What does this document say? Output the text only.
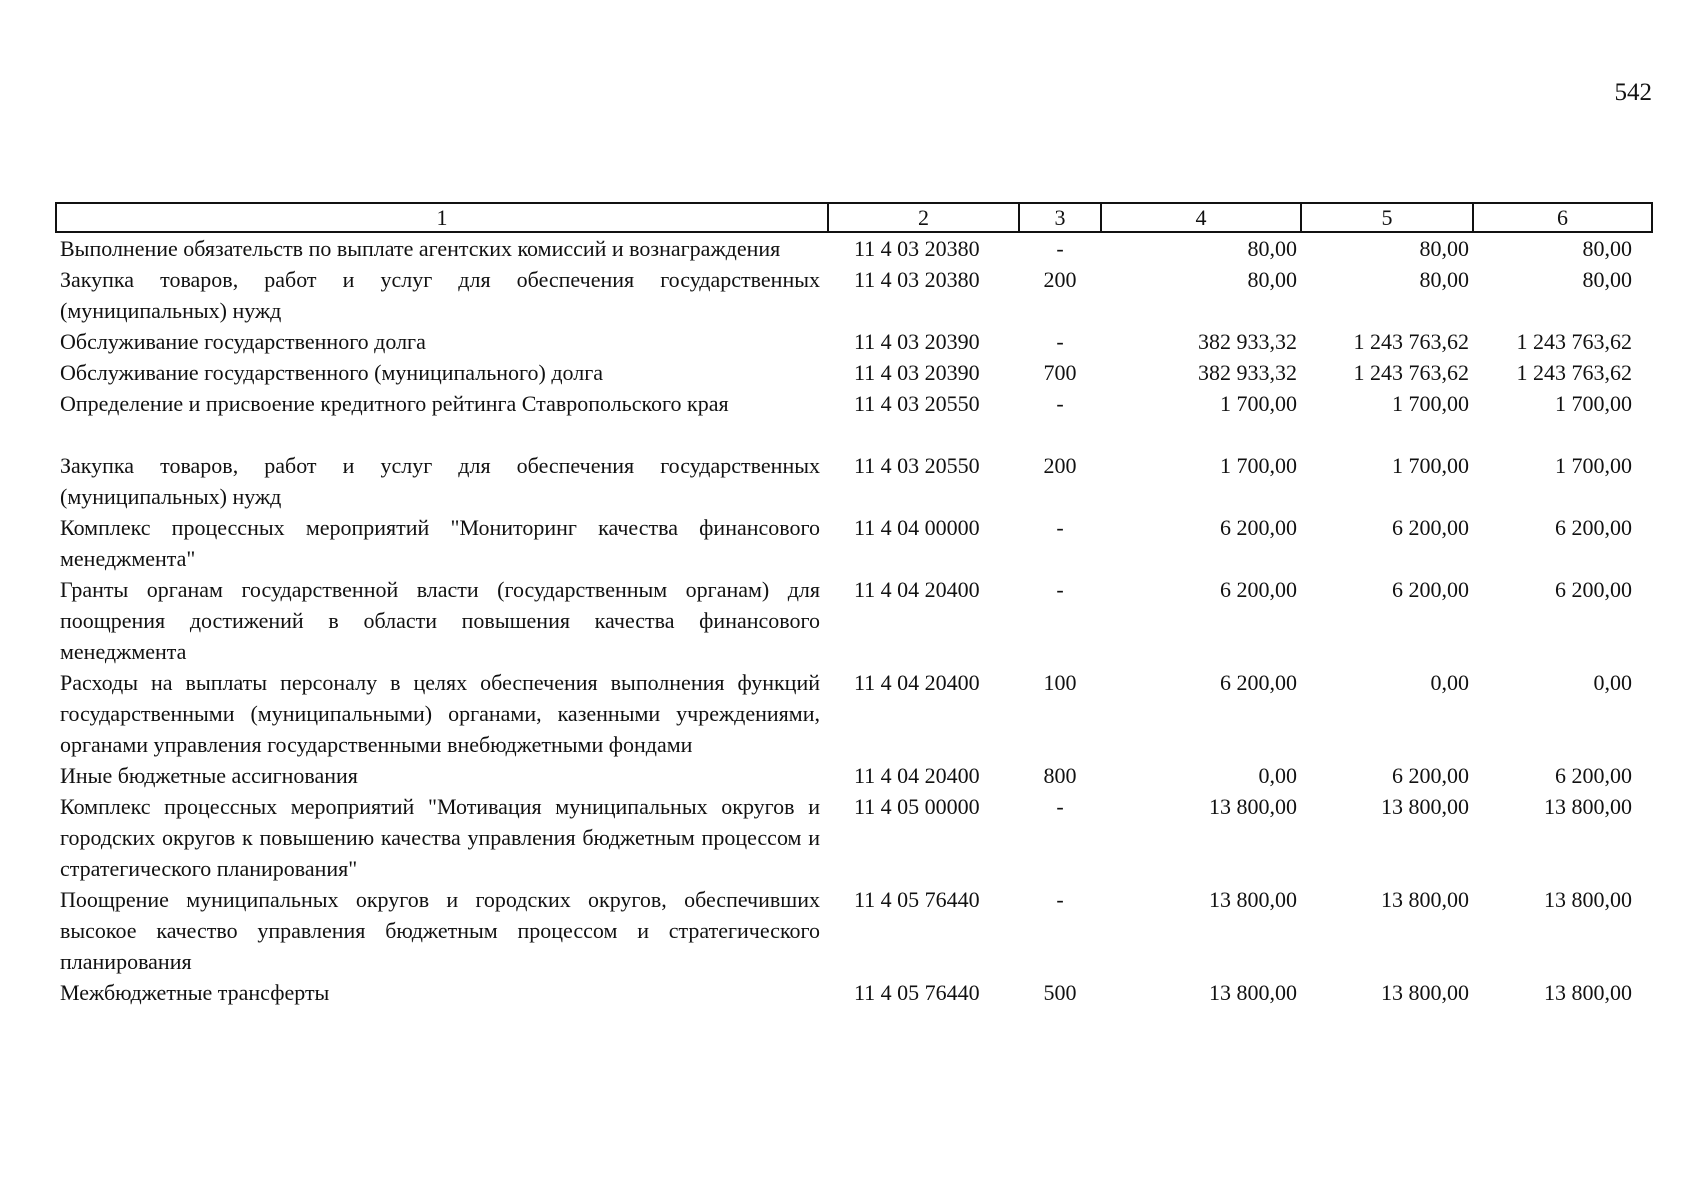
542
1	2	3	4	5	6
Выполнение обязательств по выплате агентских комиссий и вознаграждения	11 4 03 20380	-	80,00	80,00	80,00
Закупка товаров, работ и услуг для обеспечения государственных (муниципальных) нужд	11 4 03 20380	200	80,00	80,00	80,00
Обслуживание государственного долга	11 4 03 20390	-	382 933,32	1 243 763,62	1 243 763,62
Обслуживание государственного (муниципального) долга	11 4 03 20390	700	382 933,32	1 243 763,62	1 243 763,62
Определение и присвоение кредитного рейтинга Ставропольского края	11 4 03 20550	-	1 700,00	1 700,00	1 700,00
Закупка товаров, работ и услуг для обеспечения государственных (муниципальных) нужд	11 4 03 20550	200	1 700,00	1 700,00	1 700,00
Комплекс процессных мероприятий "Мониторинг качества финансового менеджмента"	11 4 04 00000	-	6 200,00	6 200,00	6 200,00
Гранты органам государственной власти (государственным органам) для поощрения достижений в области повышения качества финансового менеджмента	11 4 04 20400	-	6 200,00	6 200,00	6 200,00
Расходы на выплаты персоналу в целях обеспечения выполнения функций государственными (муниципальными) органами, казенными учреждениями, органами управления государственными внебюджетными фондами	11 4 04 20400	100	6 200,00	0,00	0,00
Иные бюджетные ассигнования	11 4 04 20400	800	0,00	6 200,00	6 200,00
Комплекс процессных мероприятий "Мотивация муниципальных округов и городских округов к повышению качества управления бюджетным процессом и стратегического планирования"	11 4 05 00000	-	13 800,00	13 800,00	13 800,00
Поощрение муниципальных округов и городских округов, обеспечивших высокое качество управления бюджетным процессом и стратегического планирования	11 4 05 76440	-	13 800,00	13 800,00	13 800,00
Межбюджетные трансферты	11 4 05 76440	500	13 800,00	13 800,00	13 800,00
